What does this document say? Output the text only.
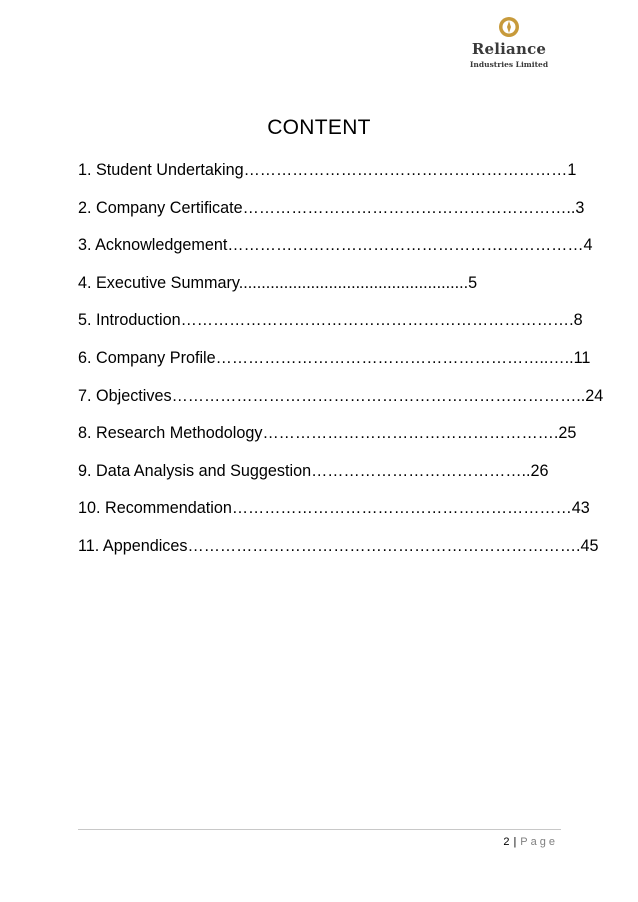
Reliance
Industries Limited
CONTENT
1. Student Undertaking……………………………………………………1
2. Company Certificate……………………………………………………..3
3. Acknowledgement…………………………………………………………4
4. Executive Summary...................................................5
5. Introduction……………………………………………………………….8
6. Company Profile……………………………………………………..…..11
7. Objectives…………………………………………………………………..24
8. Research Methodology……………………………………………….25
9. Data Analysis and Suggestion…………………………………..26
10. Recommendation………………………………………………………43
11. Appendices……………………………………………………………….45
2 | Page
